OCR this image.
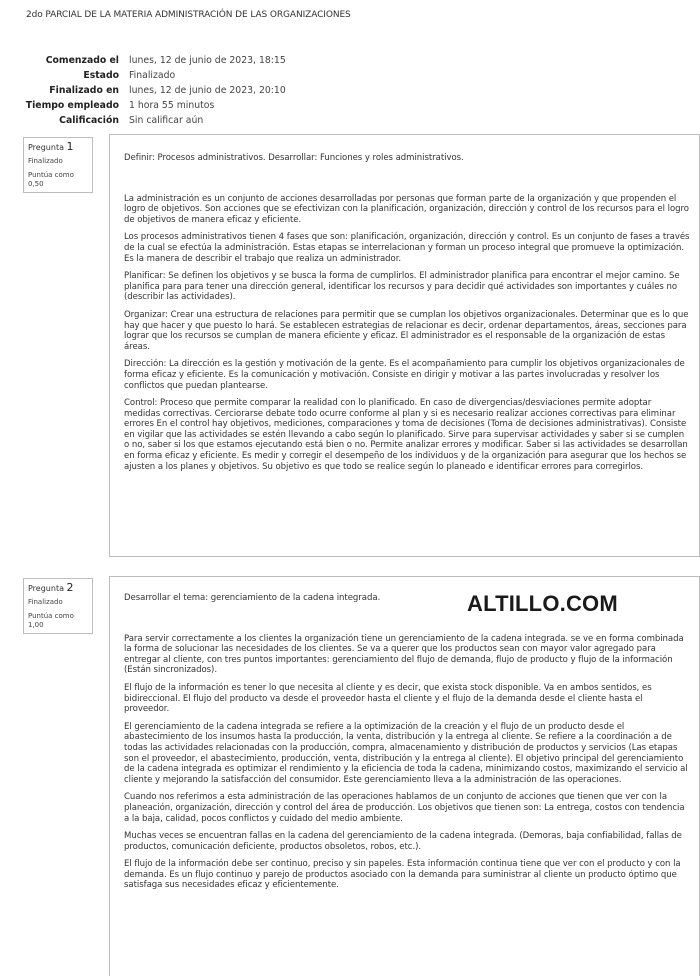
2do PARCIAL DE LA MATERIA ADMINISTRACIÓN DE LAS ORGANIZACIONES
Comenzado el	lunes, 12 de junio de 2023, 18:15
Estado	Finalizado
Finalizado en	lunes, 12 de junio de 2023, 20:10
Tiempo empleado	1 hora 55 minutos
Calificación	Sin calificar aún
Pregunta 1
Finalizado
Puntúa como
0,50

Definir: Procesos administrativos. Desarrollar: Funciones y roles administrativos.

La administración es un conjunto de acciones desarrolladas por personas que forman parte de la organización y que propenden el logro de objetivos. Son acciones que se efectivizan con la planificación, organización, dirección y control de los recursos para el logro de objetivos de manera eficaz y eficiente.

Los procesos administrativos tienen 4 fases que son: planificación, organización, dirección y control. Es un conjunto de fases a través de la cual se efectúa la administración. Estas etapas se interrelacionan y forman un proceso integral que promueve la optimización. Es la manera de describir el trabajo que realiza un administrador.

Planificar: Se definen los objetivos y se busca la forma de cumplirlos. El administrador planifica para encontrar el mejor camino. Se planifica para para tener una dirección general, identificar los recursos y para decidir qué actividades son importantes y cuáles no (describir las actividades).

Organizar: Crear una estructura de relaciones para permitir que se cumplan los objetivos organizacionales. Determinar que es lo que hay que hacer y que puesto lo hará. Se establecen estrategias de relacionar es decir, ordenar departamentos, áreas, secciones para lograr que los recursos se cumplan de manera eficiente y eficaz. El administrador es el responsable de la organización de estas áreas.

Dirección: La dirección es la gestión y motivación de la gente. Es el acompañamiento para cumplir los objetivos organizacionales de forma eficaz y eficiente. Es la comunicación y motivación. Consiste en dirigir y motivar a las partes involucradas y resolver los conflictos que puedan plantearse.

Control: Proceso que permite comparar la realidad con lo planificado. En caso de divergencias/desviaciones permite adoptar medidas correctivas. Cerciorarse debate todo ocurre conforme al plan y si es necesario realizar acciones correctivas para eliminar errores En el control hay objetivos, mediciones, comparaciones y toma de decisiones (Toma de decisiones administrativas). Consiste en vigilar que las actividades se estén llevando a cabo según lo planificado. Sirve para supervisar actividades y saber si se cumplen o no, saber si los que estamos ejecutando está bien o no. Permite analizar errores y modificar. Saber si las actividades se desarrollan en forma eficaz y eficiente. Es medir y corregir el desempeño de los individuos y de la organización para asegurar que los hechos se ajusten a los planes y objetivos. Su objetivo es que todo se realice según lo planeado e identificar errores para corregirlos.

Pregunta 2
Finalizado
Puntúa como
1,00

Desarrollar el tema: gerenciamiento de la cadena integrada.

Para servir correctamente a los clientes la organización tiene un gerenciamiento de la cadena integrada. se ve en forma combinada la forma de solucionar las necesidades de los clientes. Se va a querer que los productos sean con mayor valor agregado para entregar al cliente, con tres puntos importantes: gerenciamiento del flujo de demanda, flujo de producto y flujo de la información (Están sincronizados).

El flujo de la información es tener lo que necesita al cliente y es decir, que exista stock disponible. Va en ambos sentidos, es bidireccional. El flujo del producto va desde el proveedor hasta el cliente y el flujo de la demanda desde el cliente hasta el proveedor.

El gerenciamiento de la cadena integrada se refiere a la optimización de la creación y el flujo de un producto desde el abastecimiento de los insumos hasta la producción, la venta, distribución y la entrega al cliente. Se refiere a la coordinación a de todas las actividades relacionadas con la producción, compra, almacenamiento y distribución de productos y servicios (Las etapas son el proveedor, el abastecimiento, producción, venta, distribución y la entrega al cliente). El objetivo principal del gerenciamiento de la cadena integrada es optimizar el rendimiento y la eficiencia de toda la cadena, minimizando costos, maximizando el servicio al cliente y mejorando la satisfacción del consumidor. Este gerenciamiento lleva a la administración de las operaciones.

Cuando nos referimos a esta administración de las operaciones hablamos de un conjunto de acciones que tienen que ver con la planeación, organización, dirección y control del área de producción. Los objetivos que tienen son: La entrega, costos con tendencia a la baja, calidad, pocos conflictos y cuidado del medio ambiente.

Muchas veces se encuentran fallas en la cadena del gerenciamiento de la cadena integrada. (Demoras, baja confiabilidad, fallas de productos, comunicación deficiente, productos obsoletos, robos, etc.).

El flujo de la información debe ser continuo, preciso y sin papeles. Esta información continua tiene que ver con el producto y con la demanda. Es un flujo continuo y parejo de productos asociado con la demanda para suministrar al cliente un producto óptimo que satisfaga sus necesidades eficaz y eficientemente.

ALTILLO.COM
